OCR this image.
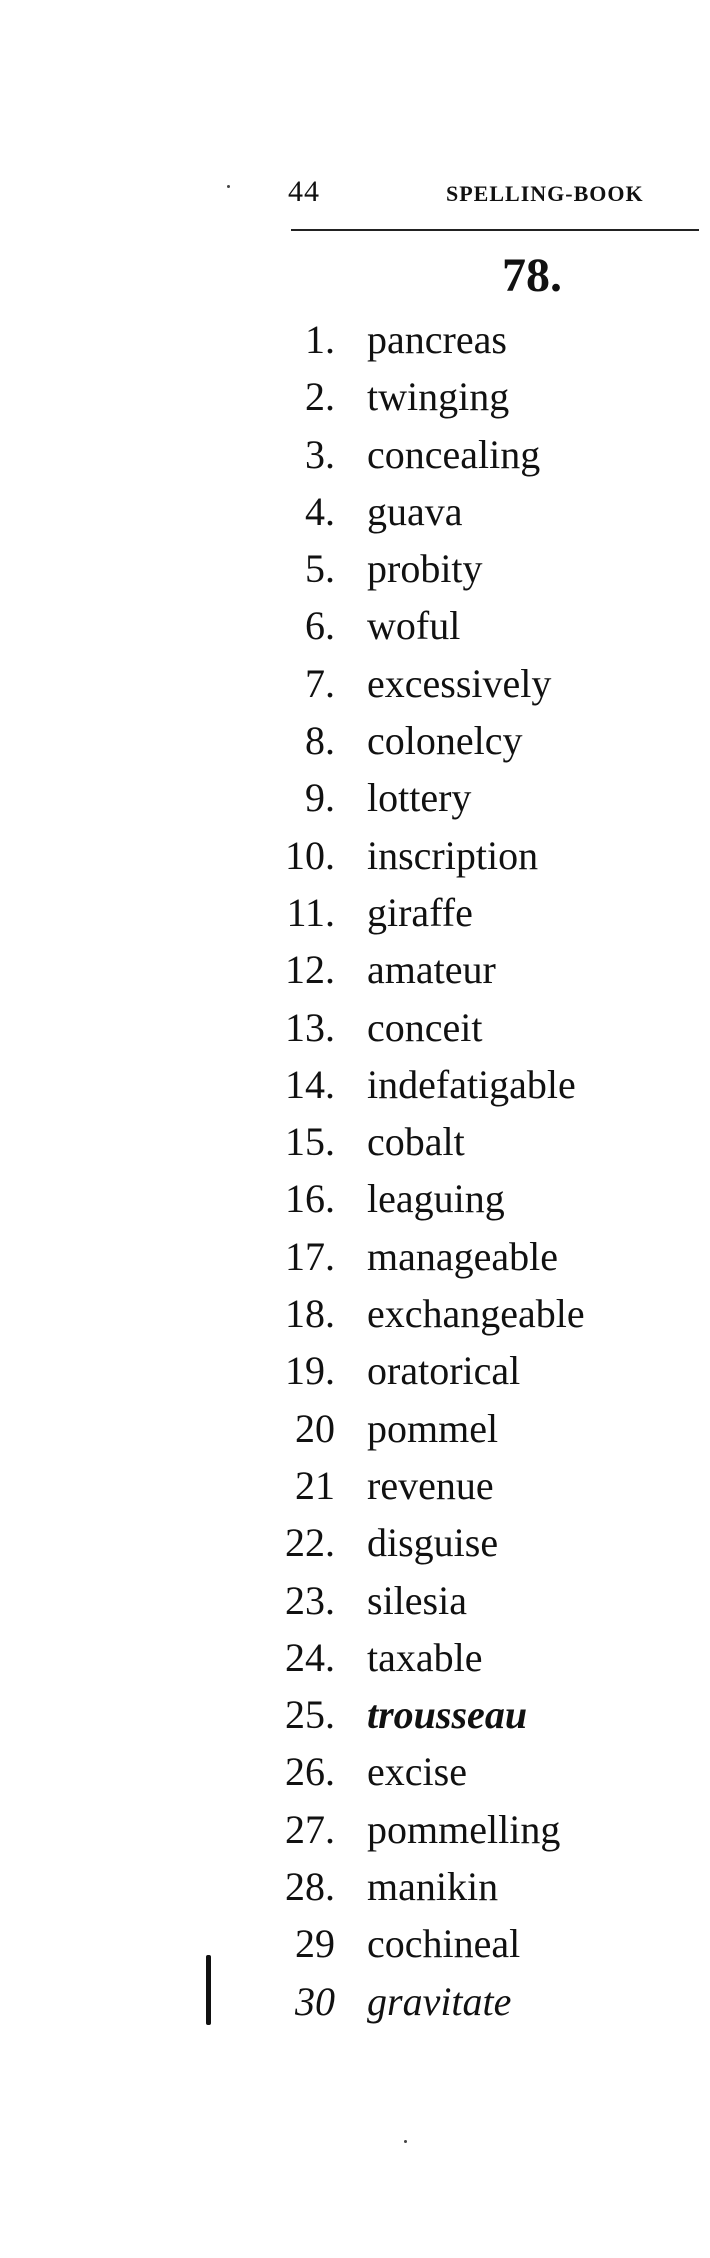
44	SPELLING-BOOK
78.
1. pancreas
2. twinging
3. concealing
4. guava
5. probity
6. woful
7. excessively
8. colonelcy
9. lottery
10. inscription
11. giraffe
12. amateur
13. conceit
14. indefatigable
15. cobalt
16. leaguing
17. manageable
18. exchangeable
19. oratorical
20 pommel
21 revenue
22. disguise
23. silesia
24. taxable
25. trousseau
26. excise
27. pommelling
28. manikin
29 cochineal
30 gravitate
